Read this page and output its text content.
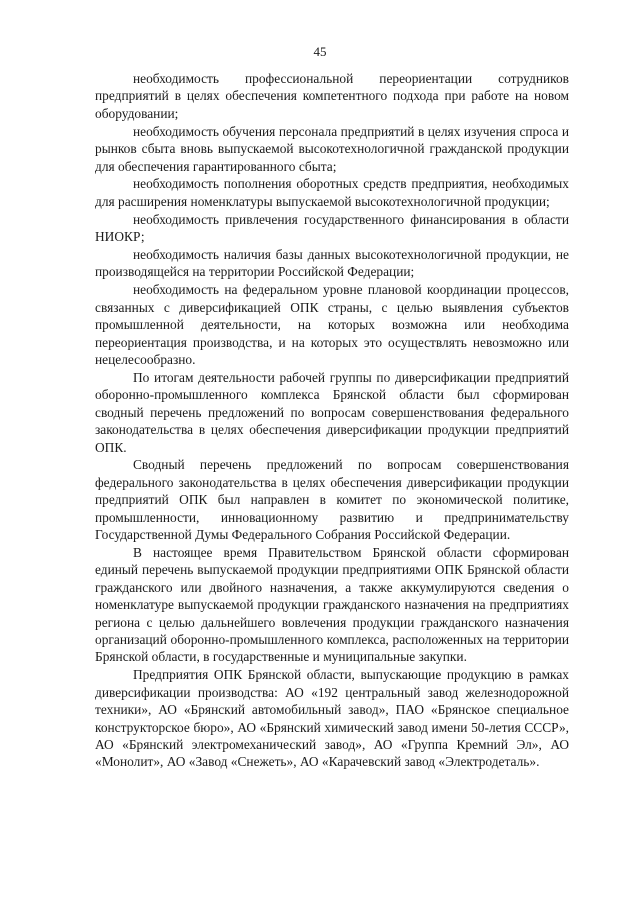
45

необходимость профессиональной переориентации сотрудников предприятий в целях обеспечения компетентного подхода при работе на новом оборудовании;

необходимость обучения персонала предприятий в целях изучения спроса и рынков сбыта вновь выпускаемой высокотехнологичной гражданской продукции для обеспечения гарантированного сбыта;

необходимость пополнения оборотных средств предприятия, необходимых для расширения номенклатуры выпускаемой высокотехнологичной продукции;

необходимость привлечения государственного финансирования в области НИОКР;

необходимость наличия базы данных высокотехнологичной продукции, не производящейся на территории Российской Федерации;

необходимость на федеральном уровне плановой координации процессов, связанных с диверсификацией ОПК страны, с целью выявления субъектов промышленной деятельности, на которых возможна или необходима переориентация производства, и на которых это осуществлять невозможно или нецелесообразно.

По итогам деятельности рабочей группы по диверсификации предприятий оборонно-промышленного комплекса Брянской области был сформирован сводный перечень предложений по вопросам совершенствования федерального законодательства в целях обеспечения диверсификации продукции предприятий ОПК.

Сводный перечень предложений по вопросам совершенствования федерального законодательства в целях обеспечения диверсификации продукции предприятий ОПК был направлен в комитет по экономической политике, промышленности, инновационному развитию и предпринимательству Государственной Думы Федерального Собрания Российской Федерации.

В настоящее время Правительством Брянской области сформирован единый перечень выпускаемой продукции предприятиями ОПК Брянской области гражданского или двойного назначения, а также аккумулируются сведения о номенклатуре выпускаемой продукции гражданского назначения на предприятиях региона с целью дальнейшего вовлечения продукции гражданского назначения организаций оборонно-промышленного комплекса, расположенных на территории Брянской области, в государственные и муниципальные закупки.

Предприятия ОПК Брянской области, выпускающие продукцию в рамках диверсификации производства: АО «192 центральный завод железнодорожной техники», АО «Брянский автомобильный завод», ПАО «Брянское специальное конструкторское бюро», АО «Брянский химический завод имени 50-летия СССР», АО «Брянский электромеханический завод», АО «Группа Кремний Эл», АО «Монолит», АО «Завод «Снежеть», АО «Карачевский завод «Электродеталь».
